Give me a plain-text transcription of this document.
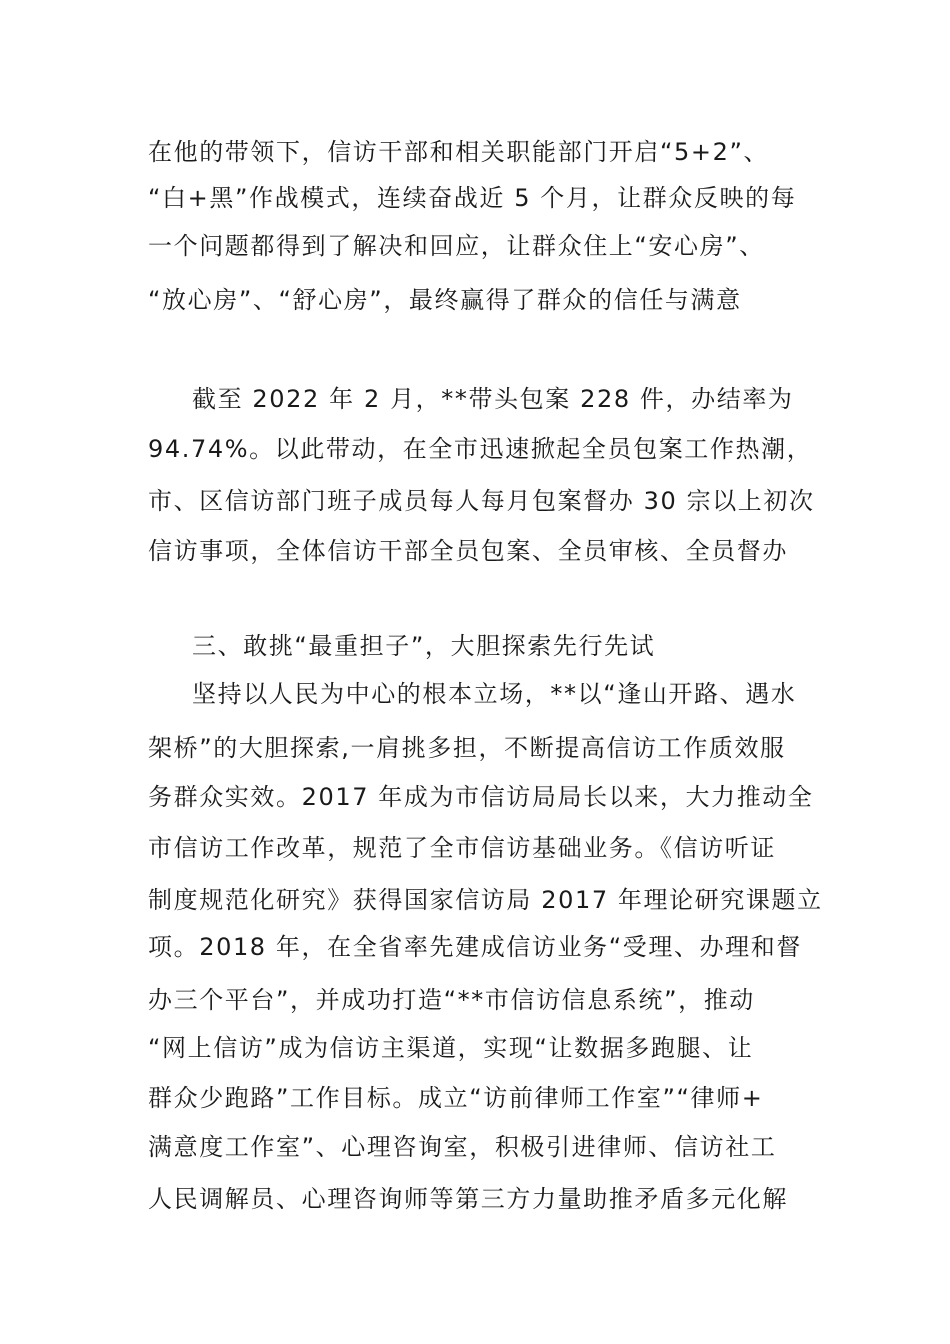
在他的带领下，信访干部和相关职能部门开启“5+2”、
“白+黑”作战模式，连续奋战近 5 个月，让群众反映的每
一个问题都得到了解决和回应，让群众住上“安心房”、
“放心房”、“舒心房”，最终赢得了群众的信任与满意
截至 2022 年 2 月，**带头包案 228 件，办结率为
94.74%。以此带动，在全市迅速掀起全员包案工作热潮，
市、区信访部门班子成员每人每月包案督办 30 宗以上初次
信访事项，全体信访干部全员包案、全员审核、全员督办
三、敢挑“最重担子”，大胆探索先行先试
坚持以人民为中心的根本立场，**以“逢山开路、遇水
架桥”的大胆探索,一肩挑多担，不断提高信访工作质效服
务群众实效。2017 年成为市信访局局长以来，大力推动全
市信访工作改革，规范了全市信访基础业务。《信访听证
制度规范化研究》获得国家信访局 2017 年理论研究课题立
项。2018 年，在全省率先建成信访业务“受理、办理和督
办三个平台”，并成功打造“**市信访信息系统”，推动
“网上信访”成为信访主渠道，实现“让数据多跑腿、让
群众少跑路”工作目标。成立“访前律师工作室”“律师+
满意度工作室”、心理咨询室，积极引进律师、信访社工
人民调解员、心理咨询师等第三方力量助推矛盾多元化解
